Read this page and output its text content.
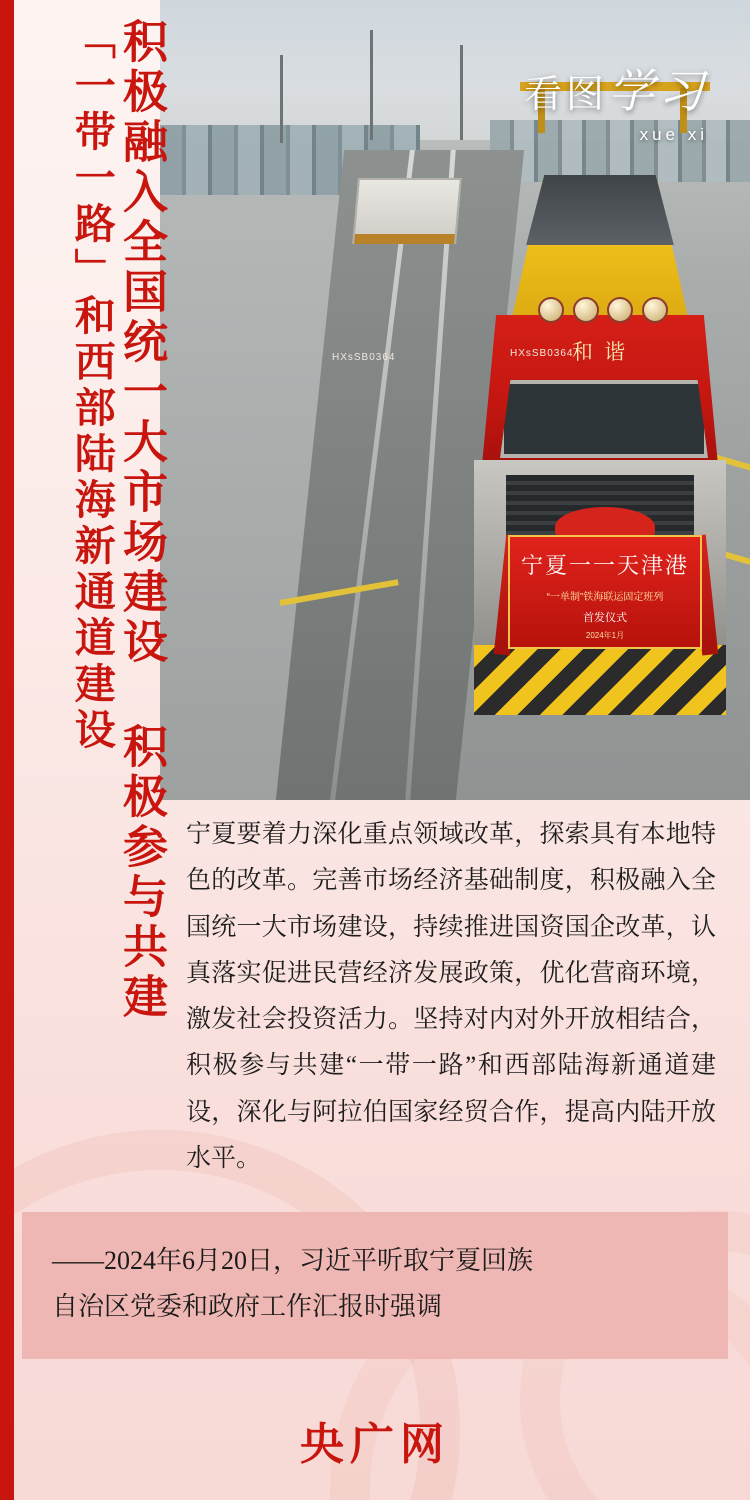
和 谐
宁夏一一天津港
“一单制”铁海联运固定班列
首发仪式
2024年1月
HXsSB0364	HXsSB0364
看图学习
xue xi
积极融入全国统一大市场建设 积极参与共建
「一带一路」和西部陆海新通道建设
宁夏要着力深化重点领域改革，探索具有本地特色的改革。完善市场经济基础制度，积极融入全国统一大市场建设，持续推进国资国企改革，认真落实促进民营经济发展政策，优化营商环境，激发社会投资活力。坚持对内对外开放相结合，积极参与共建“一带一路”和西部陆海新通道建设，深化与阿拉伯国家经贸合作，提高内陆开放水平。
——2024年6月20日，习近平听取宁夏回族
自治区党委和政府工作汇报时强调
央广网
